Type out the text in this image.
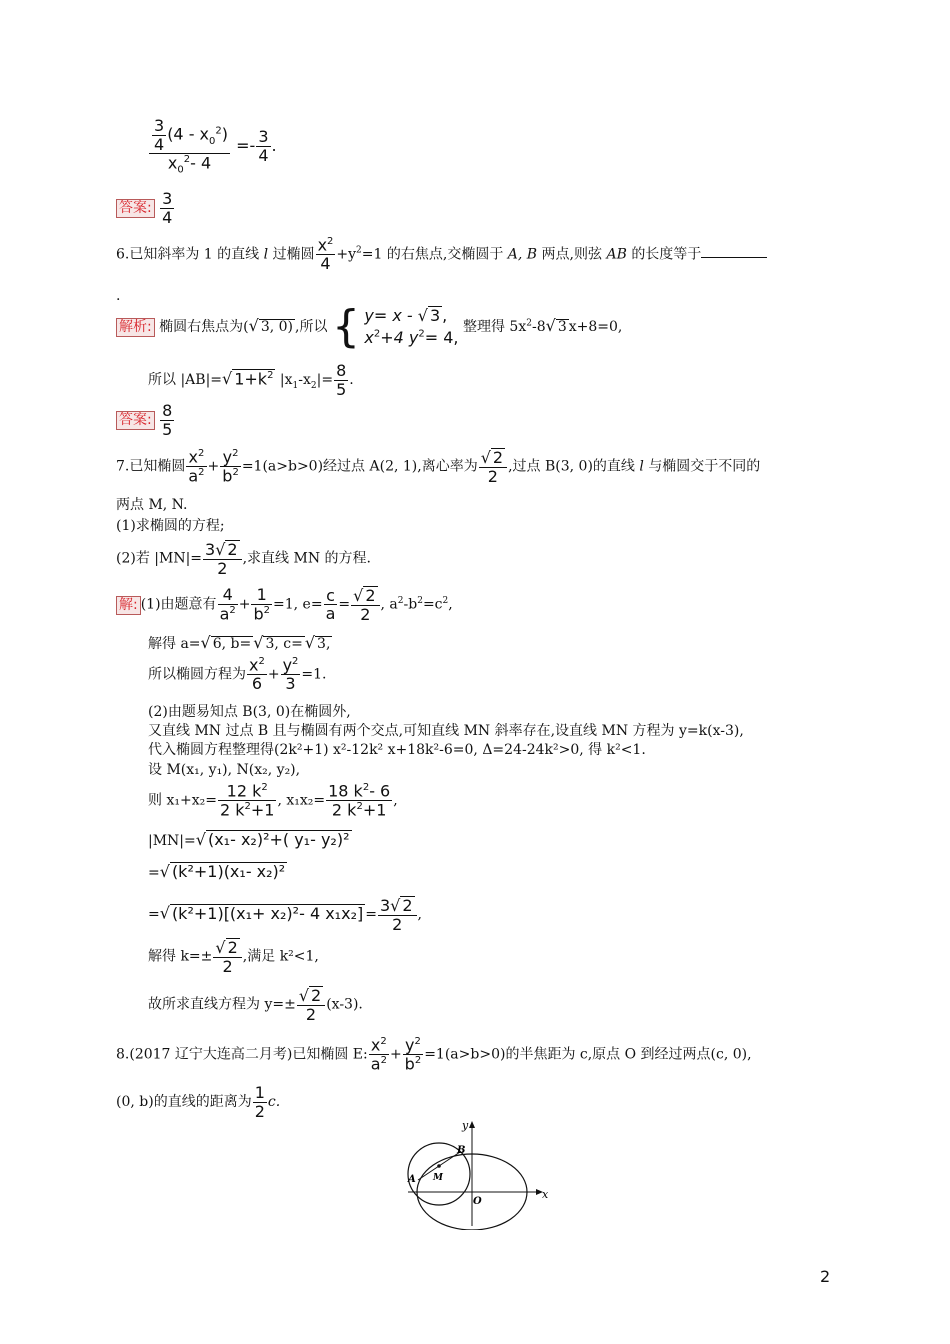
$\frac{\frac{3}{4} (4 - x_0^2)}{x_0^2- 4} =- \frac{3}{4}$ .
答案: $\frac{3}{4}$
6.已知斜率为 1 的直线 l 过椭圆 $\frac{x^2}{4} +y^2=1$ 的右焦点,交椭圆于 A, B 两点,则弦 AB 的长度等于
.
解析: 椭圆右焦点为(√ 3, 0) ,所以 { y= x - √ 3 ,
$x^2+4$ $y^2= 4$,
整理得 $5x^2-8√$ 3 x+8=0,
所以 |AB|=√ $1+k^2$ $|x_1-x_2|= \frac{8}{5}$ .
答案: $\frac{8}{5}$
7.已知椭圆 $\frac{x^2}{a^2} + \frac{y^2}{b^2} =1(a>b>0)$经过点 A(2, 1),离心率为 $\frac{√ 2}{2}$ ,过点 B(3, 0)的直线 l 与椭圆交于不同的
两点 M, N.
(1)求椭圆的方程;
(2)若 $|MN|= \frac{3√ 2}{2}$ ,求直线 MN 的方程.
解: (1)由题意有 $\frac{4}{a^2} + \frac{1}{b^2} =1$, $e= \frac{c}{a} = \frac{√ 2}{2}$ , $a^2-b^2=c^2$,
解得 a=√ 6, b= √ 3, c= √ 3,
所以椭圆方程为 $\frac{x^2}{6} + \frac{y^2}{3} =1$.
(2)由题易知点 B(3, 0)在椭圆外,
又直线 MN 过点 B 且与椭圆有两个交点,可知直线 MN 斜率存在,设直线 MN 方程为 y=k(x-3),
代入椭圆方程整理得(2k²+1) x²-12k² x+18k²-6=0, Δ=24-24k²>0, 得 k²<1.
设 M(x₁, y₁), N(x₂, y₂),
则 $x_1+x_2= \frac{12 k^2}{2 k^2+1}$ , $x_1x_2= \frac{18 k^2- 6}{2 k^2+1}$ ,
|MN|=√ (x₁- x₂)²+( y₁- y₂)²
=√ (k²+1)(x₁- x₂)²
=√ (k²+1)[(x₁+ x₂)²- 4 $x_1x_2] = \frac{3√ 2}{2}$ ,
解得 $k=\pm \frac{√ 2}{2}$ ,满足 k²<1,
故所求直线方程为 $y=\pm \frac{√ 2}{2} (x-3)$.
8.(2017 辽宁大连高二月考)已知椭圆 E: $\frac{x^2}{a^2} + \frac{y^2}{b^2} =1(a>b>0)$的半焦距为 c,原点 O 到经过两点(c, 0),
(0, b)的直线的距离为 $\frac{1}{2} c$.
y
x
B
A M
O
2
